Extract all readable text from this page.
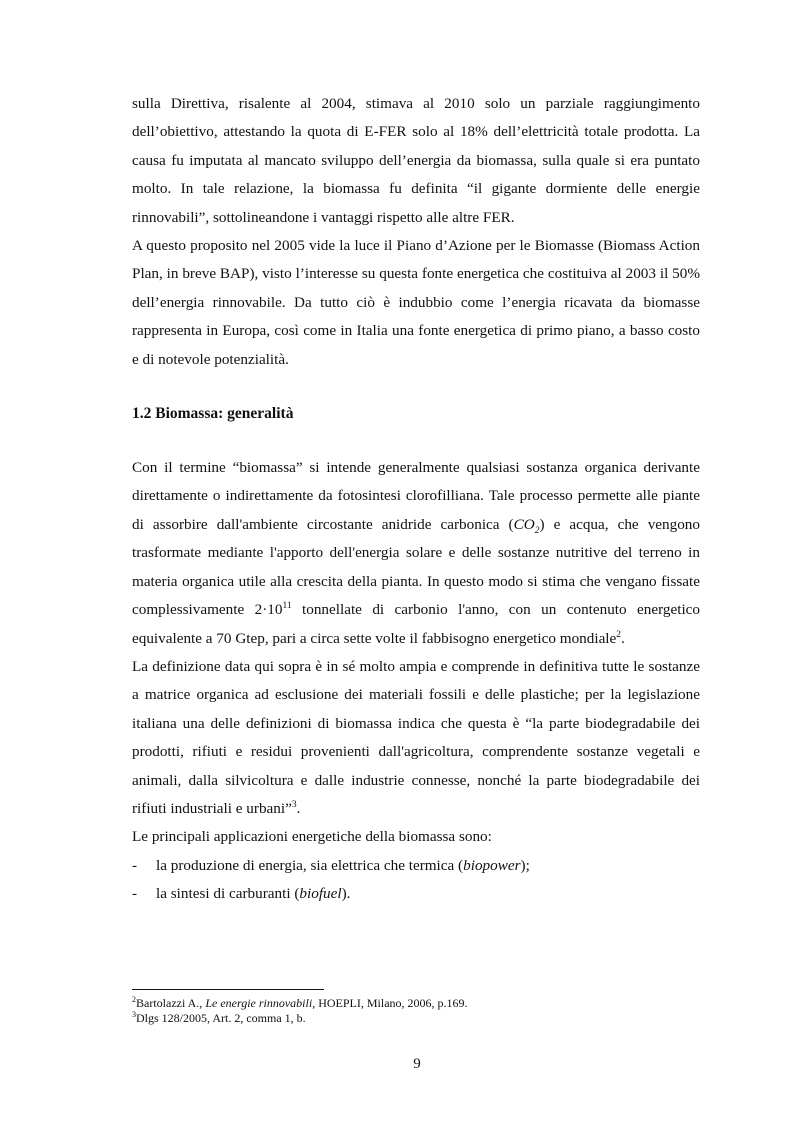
sulla Direttiva, risalente al 2004, stimava al 2010 solo un parziale raggiungimento dell’obiettivo, attestando la quota di E-FER solo al 18% dell’elettricità totale prodotta. La causa fu imputata al mancato sviluppo dell’energia da biomassa, sulla quale si era puntato molto. In tale relazione, la biomassa fu definita “il gigante dormiente delle energie rinnovabili”, sottolineandone i vantaggi rispetto alle altre FER.

A questo proposito nel 2005 vide la luce il Piano d’Azione per le Biomasse (Biomass Action Plan, in breve BAP), visto l’interesse su questa fonte energetica che costituiva al 2003 il 50% dell’energia rinnovabile. Da tutto ciò è indubbio come l’energia ricavata da biomasse rappresenta in Europa, così come in Italia una fonte energetica di primo piano, a basso costo e di notevole potenzialità.

1.2 Biomassa: generalità

Con il termine “biomassa” si intende generalmente qualsiasi sostanza organica derivante direttamente o indirettamente da fotosintesi clorofilliana. Tale processo permette alle piante di assorbire dall'ambiente circostante anidride carbonica $(CO_2)$ e acqua, che vengono trasformate mediante l'apporto dell'energia solare e delle sostanze nutritive del terreno in materia organica utile alla crescita della pianta. In questo modo si stima che vengano fissate complessivamente $2\cdot 10^{11}$ tonnellate di carbonio l'anno, con un contenuto energetico equivalente a 70 Gtep, pari a circa sette volte il fabbisogno energetico mondiale$^2$.

La definizione data qui sopra è in sé molto ampia e comprende in definitiva tutte le sostanze a matrice organica ad esclusione dei materiali fossili e delle plastiche; per la legislazione italiana una delle definizioni di biomassa indica che questa è “la parte biodegradabile dei prodotti, rifiuti e residui provenienti dall'agricoltura, comprendente sostanze vegetali e animali, dalla silvicoltura e dalle industrie connesse, nonché la parte biodegradabile dei rifiuti industriali e urbani”$^3$.

Le principali applicazioni energetiche della biomassa sono:

- la produzione di energia, sia elettrica che termica (biopower);
- la sintesi di carburanti (biofuel).
$^2$Bartolazzi A., Le energie rinnovabili, HOEPLI, Milano, 2006, p.169.
$^3$Dlgs 128/2005, Art. 2, comma 1, b.
9
